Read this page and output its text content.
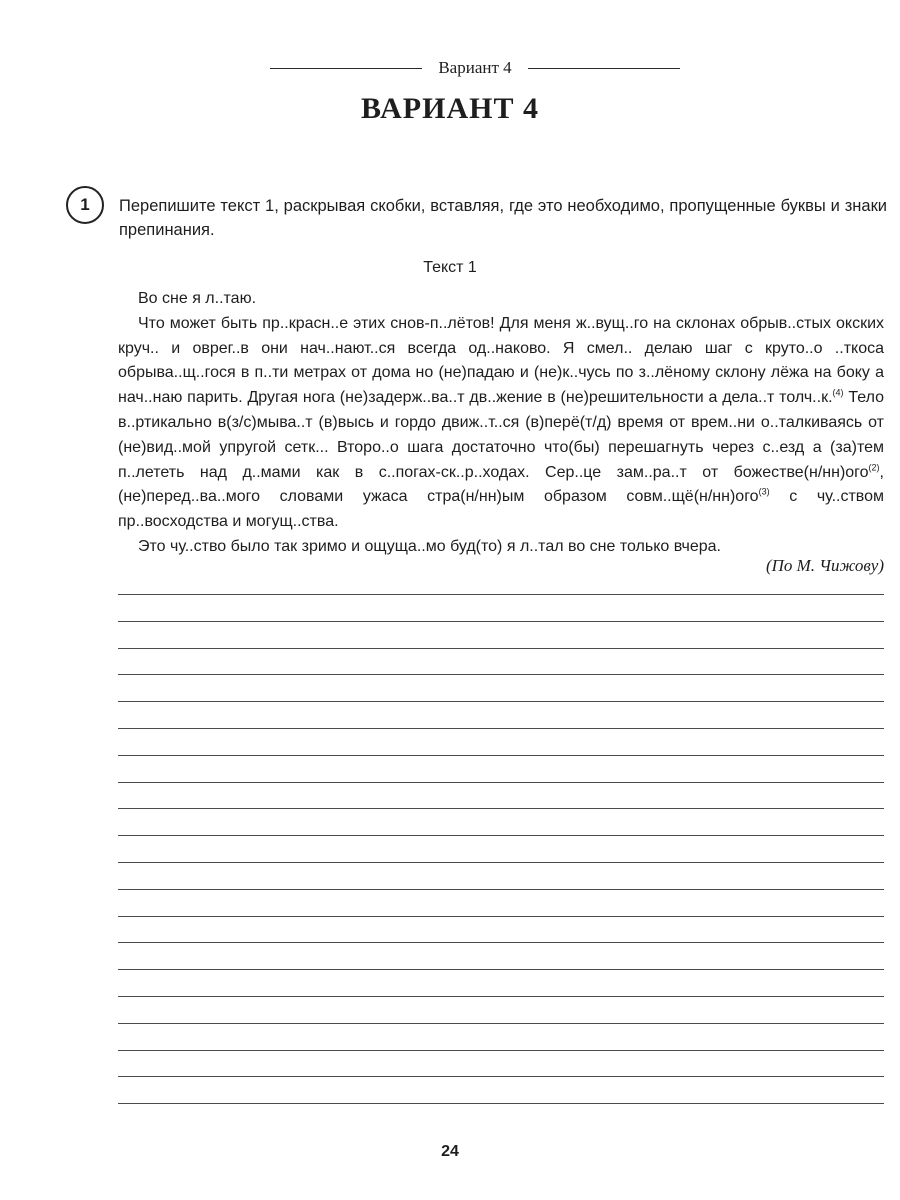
Вариант 4
ВАРИАНТ 4
1	Перепишите текст 1, раскрывая скобки, вставляя, где это необходимо, пропущенные буквы и знаки препинания.
Текст 1

Во сне я л..таю.

Что может быть пр..красн..е этих снов-п..лётов! Для меня ж..вущ..го на склонах обрыв..стых окских круч.. и оврег..в они нач..нают..ся всегда од..наково. Я смел.. делаю шаг с круто..о ..ткоса обрыва..щ..гося в п..ти метрах от дома но (не)падаю и (не)к..чусь по з..лёному склону лёжа на боку а нач..наю парить. Другая нога (не)задерж..ва..т дв..жение в (не)решительности а дела..т толч..к.$^{(4)}$ Тело в..ртикально в(з/с)мыва..т (в)высь и гордо движ..т..ся (в)перё(т/д) время от врем..ни о..талкиваясь от (не)вид..мой упругой сетк... Второ..о шага достаточно что(бы) перешагнуть через с..езд а (за)тем п..лететь над д..мами как в с..погах-ск..р..ходах. Сер..це зам..ра..т от божестве(н/нн)ого$^{(2)}$, (не)перед..ва..мого словами ужаса стра(н/нн)ым образом совм..щё(н/нн)ого$^{(3)}$ с чу..ством пр..восходства и могущ..ства.

Это чу..ство было так зримо и ощуща..мо буд(то) я л..тал во сне только вчера.

(По М. Чижову)
24
